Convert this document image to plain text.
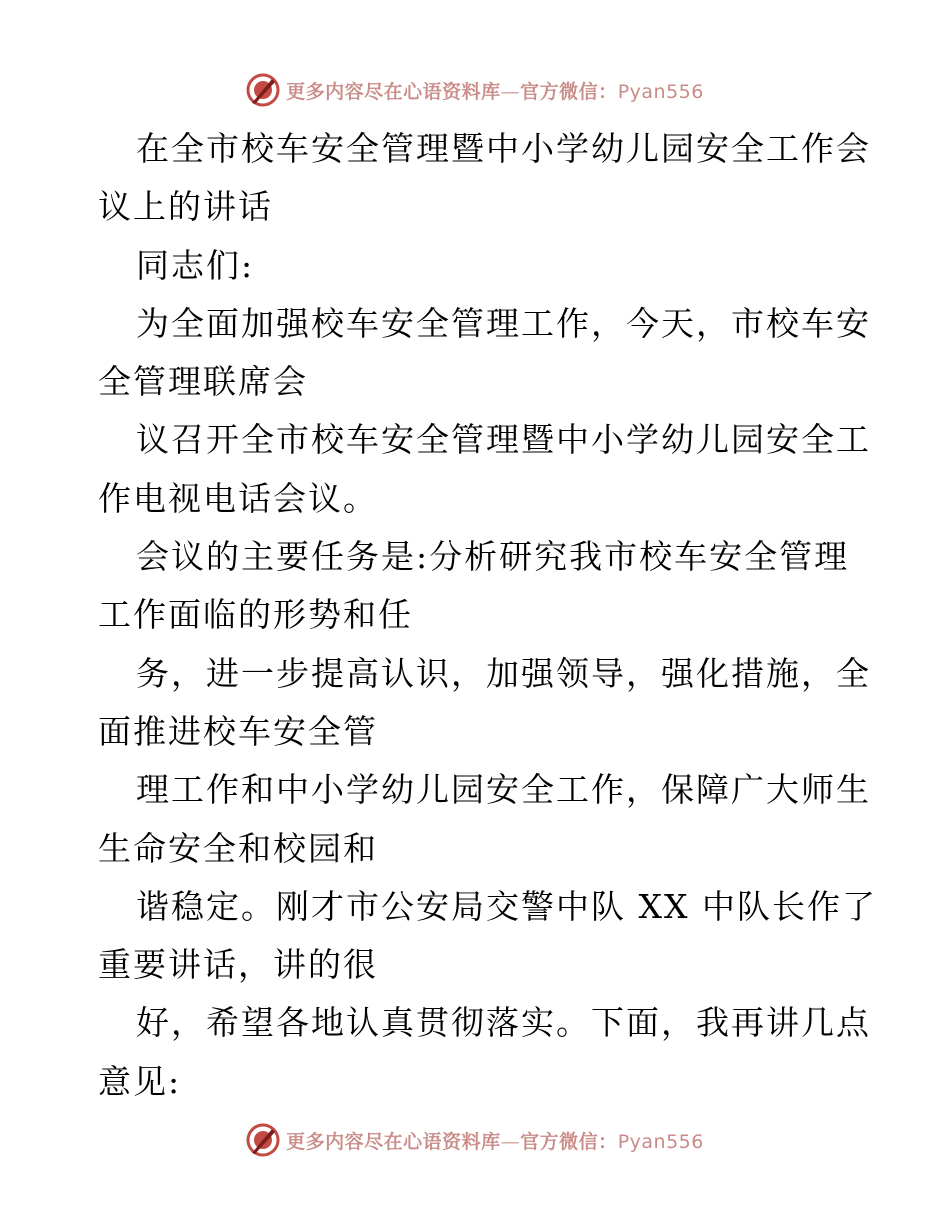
更多内容尽在心语资料库—官方微信：Pyan556
在全市校车安全管理暨中小学幼儿园安全工作会
议上的讲话
同志们:
为全面加强校车安全管理工作，今天，市校车安
全管理联席会
议召开全市校车安全管理暨中小学幼儿园安全工
作电视电话会议。
会议的主要任务是:分析研究我市校车安全管理
工作面临的形势和任
务，进一步提高认识，加强领导，强化措施，全
面推进校车安全管
理工作和中小学幼儿园安全工作，保障广大师生
生命安全和校园和
谐稳定。刚才市公安局交警中队 XX 中队长作了
重要讲话，讲的很
好，希望各地认真贯彻落实。下面，我再讲几点
意见:
更多内容尽在心语资料库—官方微信：Pyan556
